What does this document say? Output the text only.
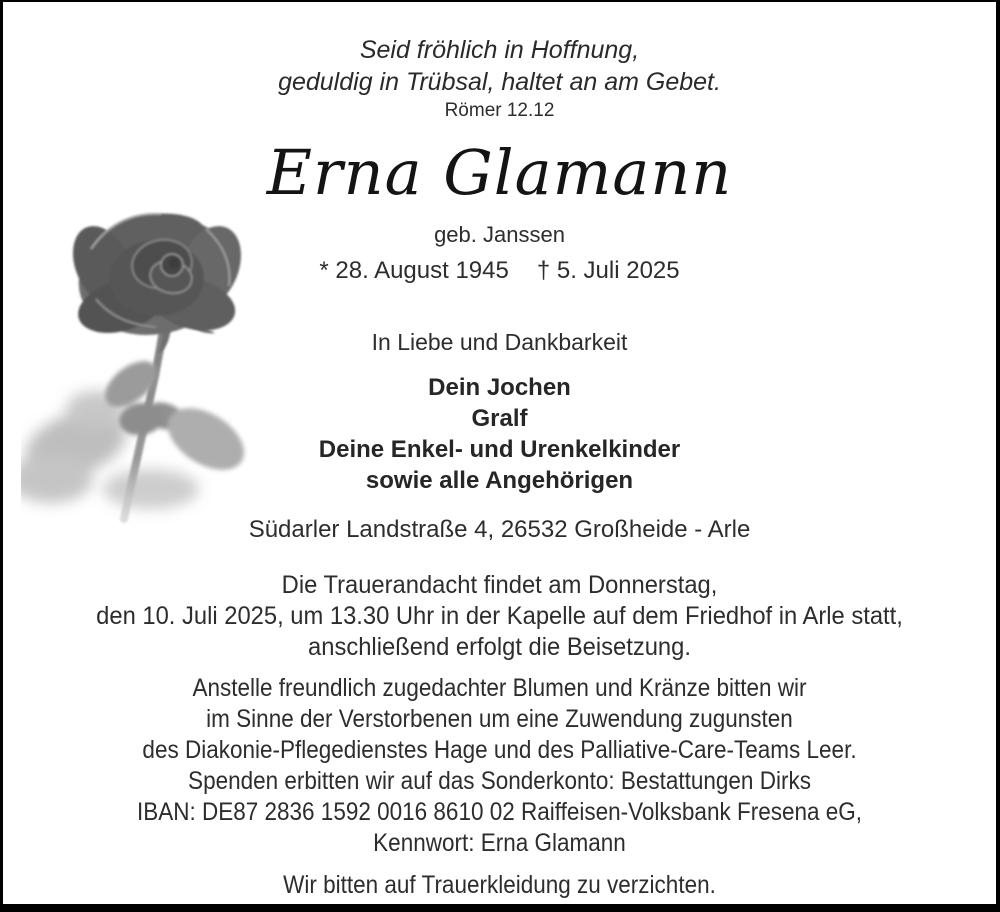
Seid fröhlich in Hoffnung,
geduldig in Trübsal, haltet an am Gebet.
Römer 12.12
Erna Glamann
geb. Janssen
* 28. August 1945 † 5. Juli 2025
In Liebe und Dankbarkeit
Dein Jochen
Gralf
Deine Enkel- und Urenkelkinder
sowie alle Angehörigen
Südarler Landstraße 4, 26532 Großheide - Arle
Die Trauerandacht findet am Donnerstag,
den 10. Juli 2025, um 13.30 Uhr in der Kapelle auf dem Friedhof in Arle statt,
anschließend erfolgt die Beisetzung.
Anstelle freundlich zugedachter Blumen und Kränze bitten wir
im Sinne der Verstorbenen um eine Zuwendung zugunsten
des Diakonie-Pflegedienstes Hage und des Palliative-Care-Teams Leer.
Spenden erbitten wir auf das Sonderkonto: Bestattungen Dirks
IBAN: DE87 2836 1592 0016 8610 02 Raiffeisen-Volksbank Fresena eG,
Kennwort: Erna Glamann
Wir bitten auf Trauerkleidung zu verzichten.
